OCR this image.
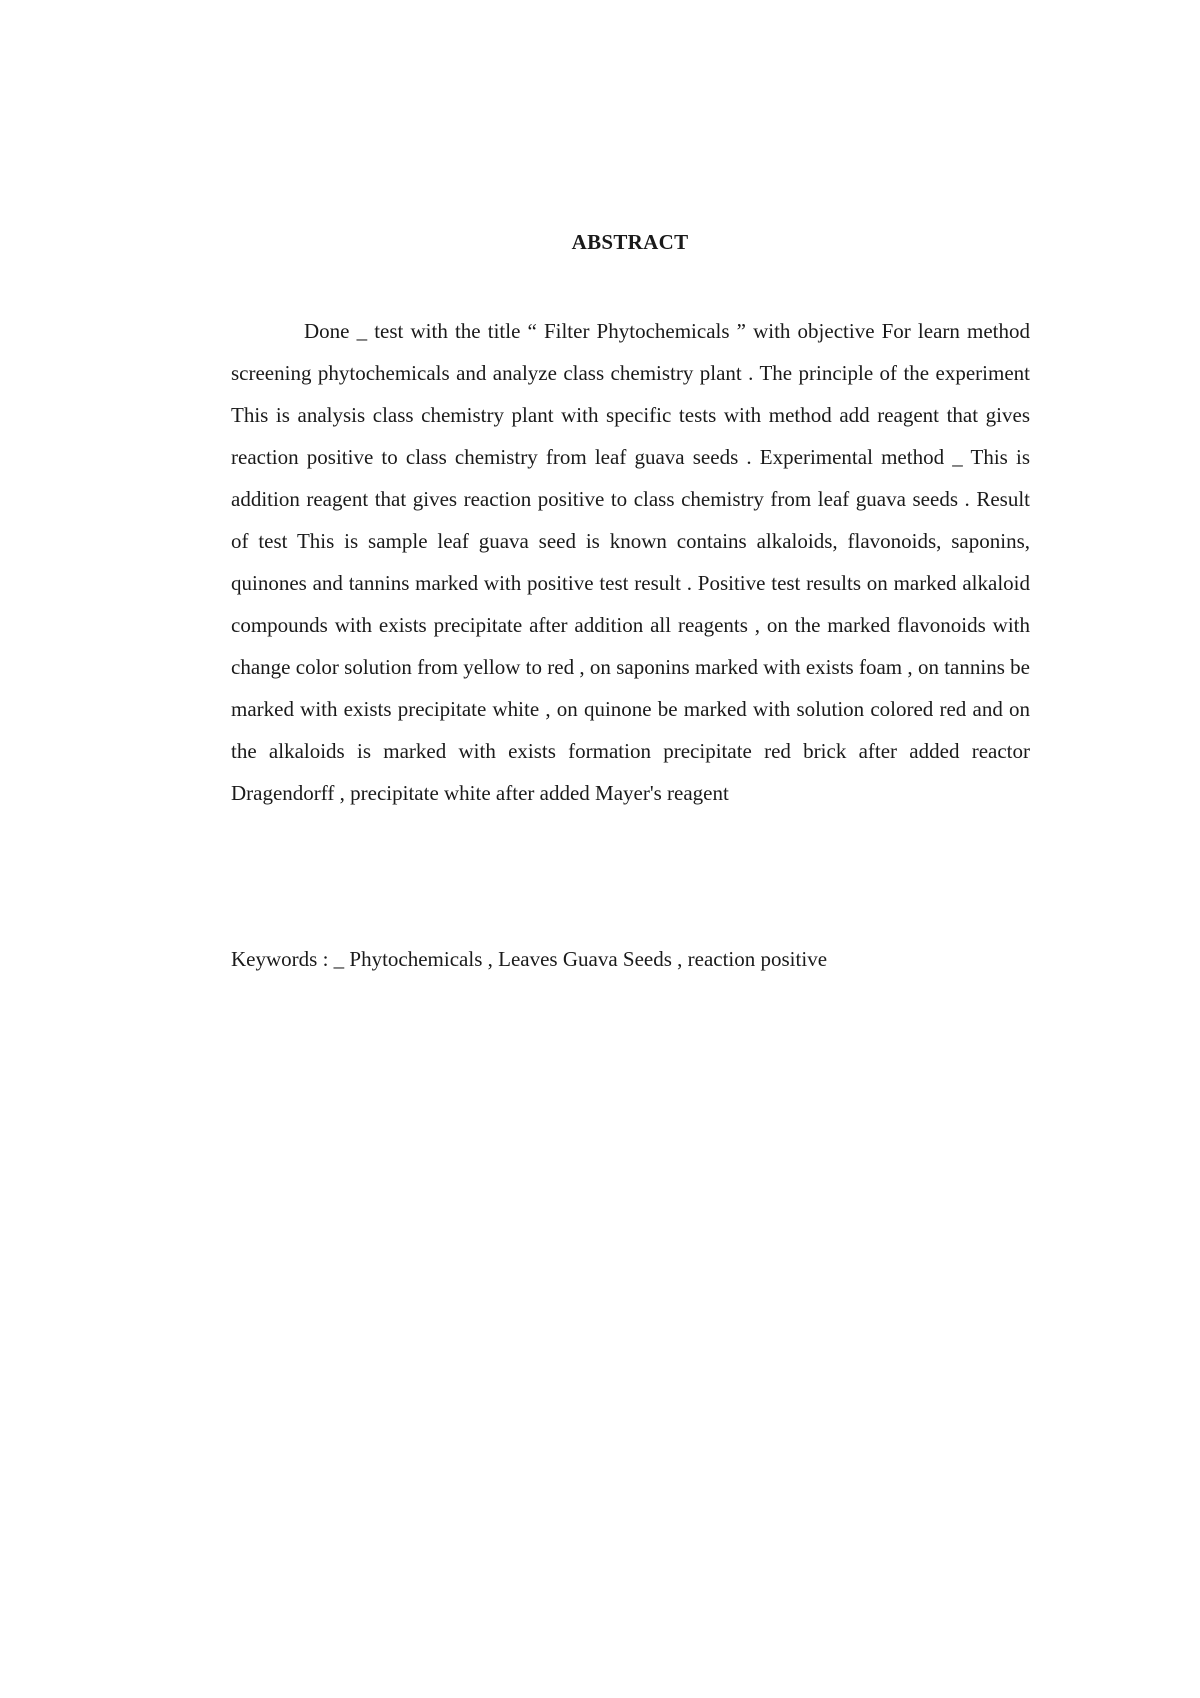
ABSTRACT

Done _ test with the title “ Filter Phytochemicals ” with objective For learn method screening phytochemicals and analyze class chemistry plant . The principle of the experiment This is analysis class chemistry plant with specific tests with method add reagent that gives reaction positive to class chemistry from leaf guava seeds . Experimental method _ This is addition reagent that gives reaction positive to class chemistry from leaf guava seeds . Result of test This is sample leaf guava seed is known contains alkaloids, flavonoids, saponins, quinones and tannins marked with positive test result . Positive test results on marked alkaloid compounds with exists precipitate after addition all reagents , on the marked flavonoids with change color solution from yellow to red , on saponins marked with exists foam , on tannins be marked with exists precipitate white , on quinone be marked with solution colored red and on the alkaloids is marked with exists formation precipitate red brick after added reactor Dragendorff , precipitate white after added Mayer's reagent

Keywords : _ Phytochemicals , Leaves Guava Seeds , reaction positive
